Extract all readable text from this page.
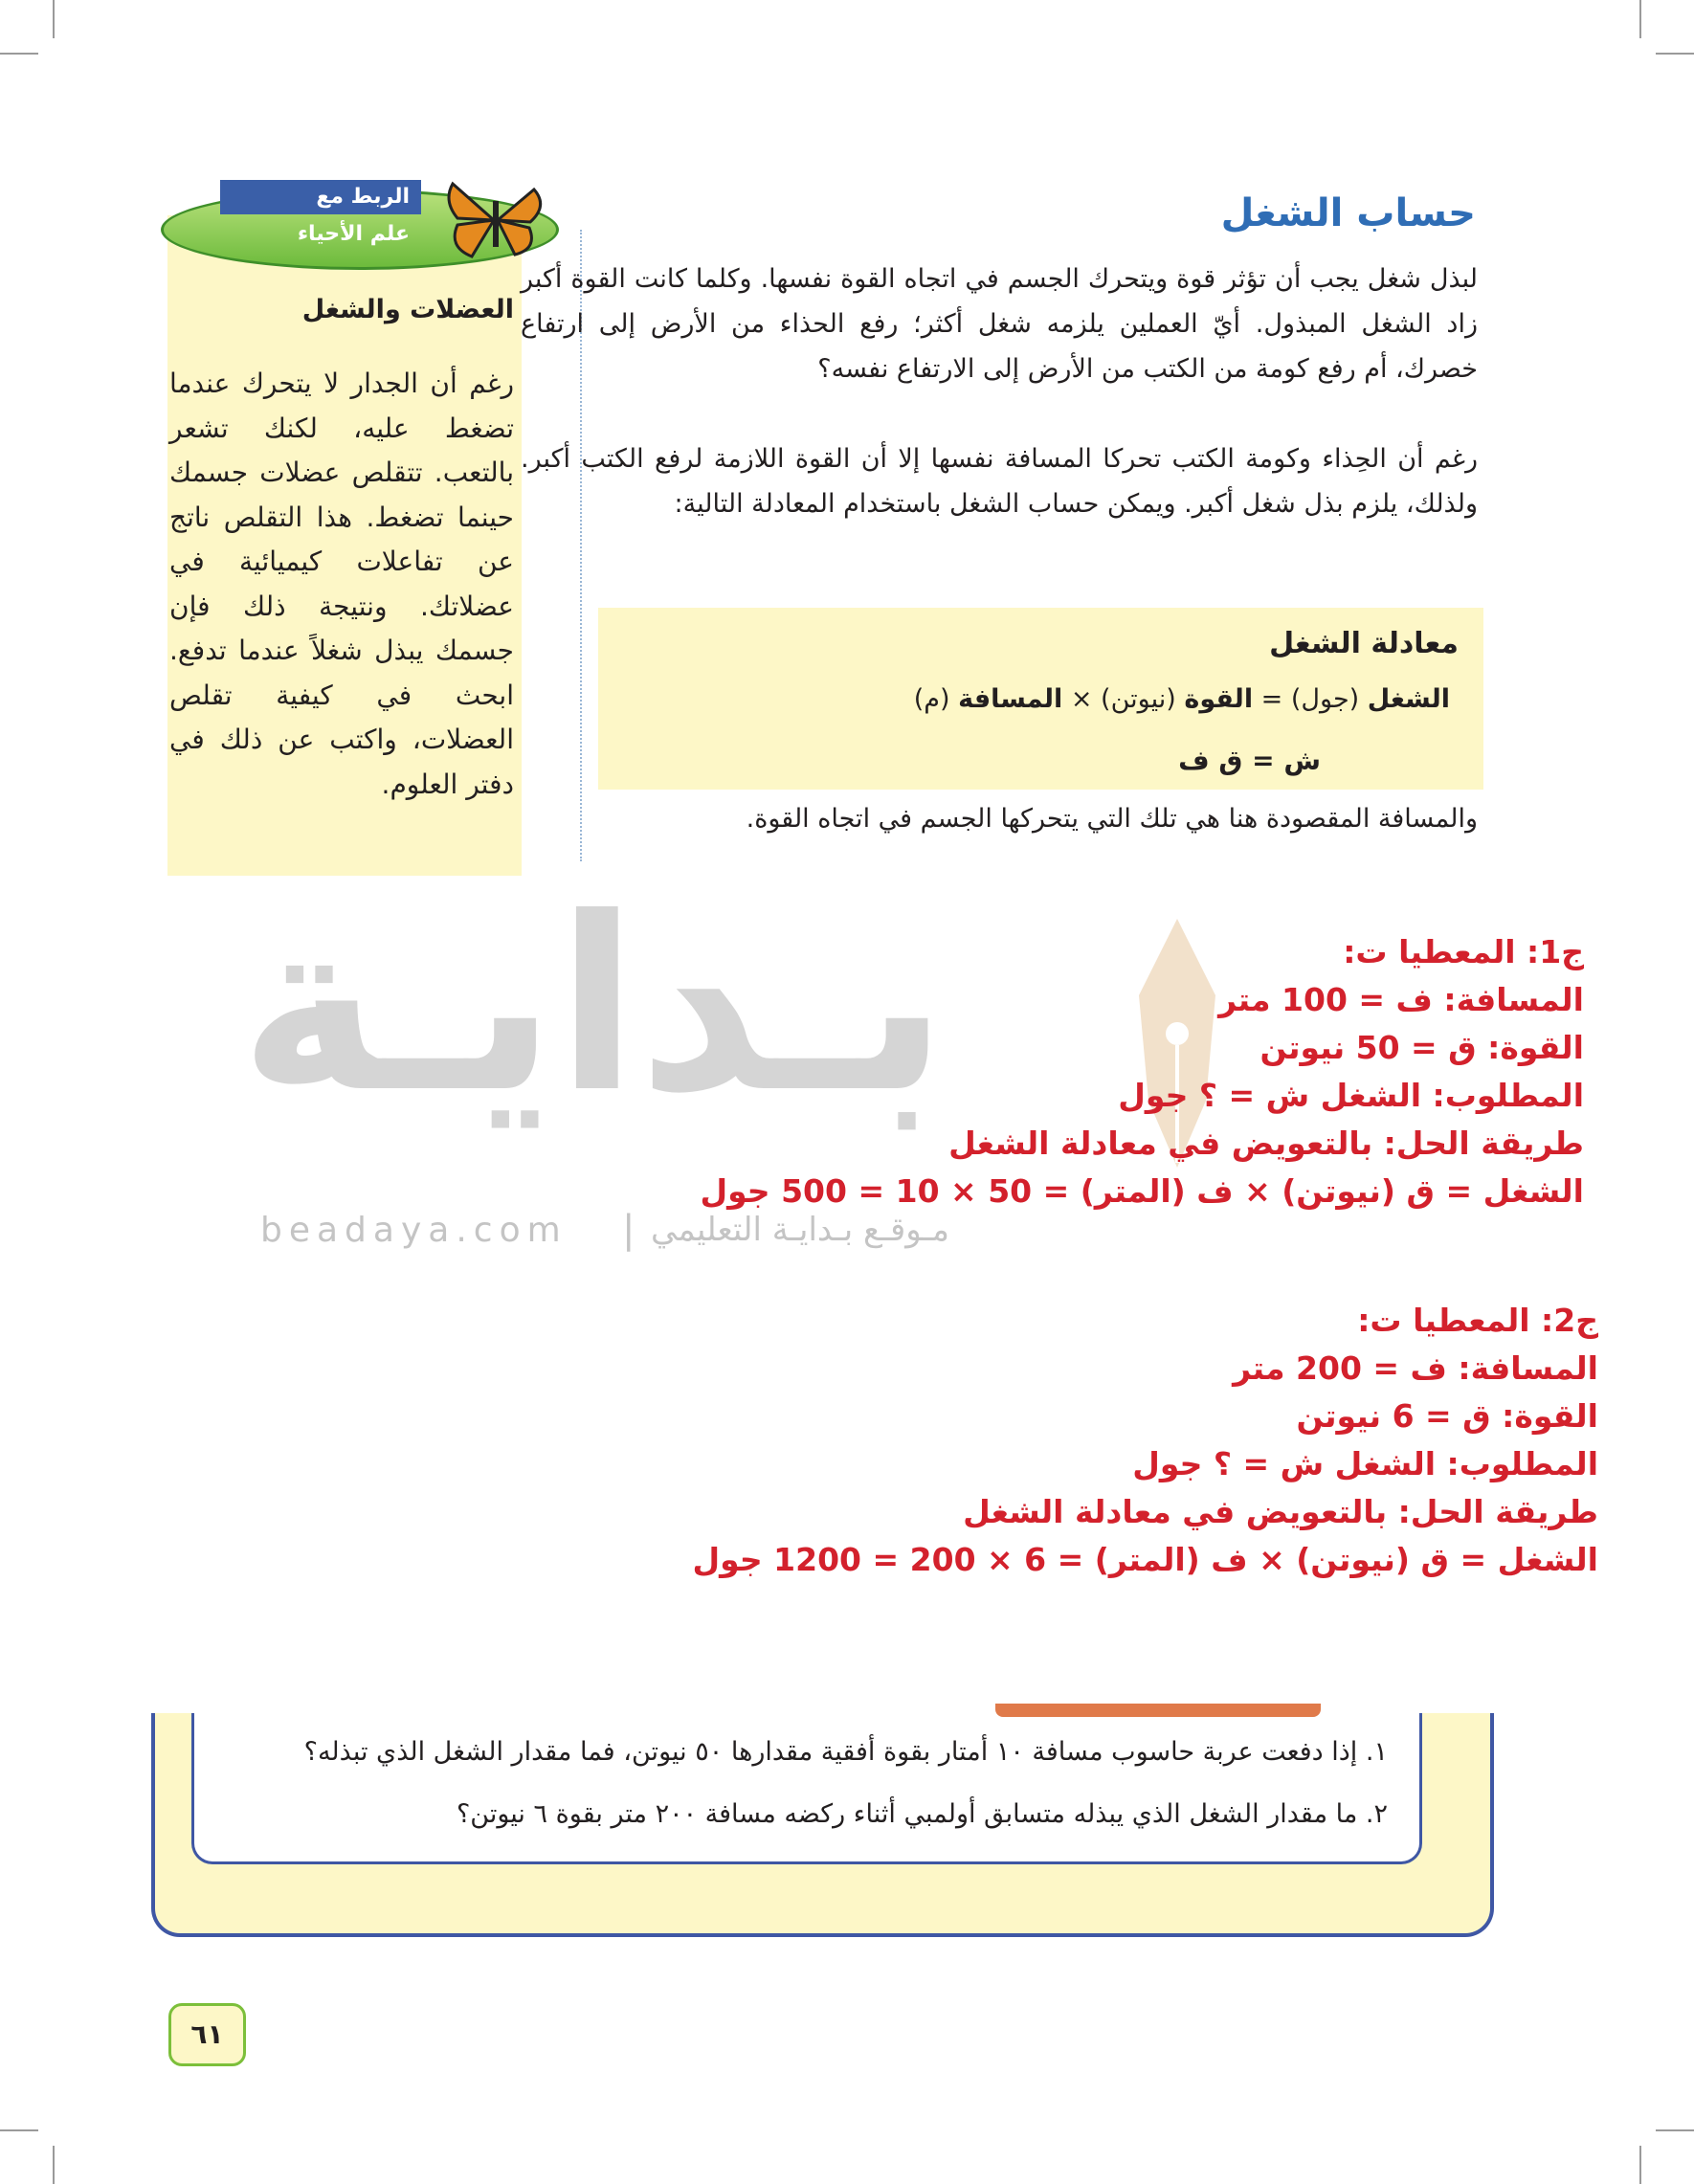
الربط مع
علم الأحياء
العضلات والشغل
رغم أن الجدار لا يتحرك عندما تضغط عليه، لكنك تشعر بالتعب. تتقلص عضلات جسمك حينما تضغط. هذا التقلص ناتج عن تفاعلات كيميائية في عضلاتك. ونتيجة ذلك فإن جسمك يبذل شغلاً عندما تدفع. ابحث في كيفية تقلص العضلات، واكتب عن ذلك في دفتر العلوم.
حساب الشغل
لبذل شغل يجب أن تؤثر قوة ويتحرك الجسم في اتجاه القوة نفسها. وكلما كانت القوة أكبر زاد الشغل المبذول. أيّ العملين يلزمه شغل أكثر؛ رفع الحذاء من الأرض إلى ارتفاع خصرك، أم رفع كومة من الكتب من الأرض إلى الارتفاع نفسه؟
رغم أن الحِذاء وكومة الكتب تحركا المسافة نفسها إلا أن القوة اللازمة لرفع الكتب أكبر. ولذلك، يلزم بذل شغل أكبر. ويمكن حساب الشغل باستخدام المعادلة التالية:
معادلة الشغل
الشغل (جول) = القوة (نيوتن) × المسافة (م)
ش = ق ف
والمسافة المقصودة هنا هي تلك التي يتحركها الجسم في اتجاه القوة.
بـدايـة
beadaya.com | مـوقـع بـدايـة التعليمي
ج1: المعطيا ت:
المسافة: ف = 100 متر
القوة: ق = 50 نيوتن
المطلوب: الشغل ش = ؟ جول
طريقة الحل: بالتعويض في معادلة الشغل
الشغل = ق (نيوتن) × ف (المتر) = 50 × 10 = 500 جول
ج2: المعطيا ت:
المسافة: ف = 200 متر
القوة: ق = 6 نيوتن
المطلوب: الشغل ش = ؟ جول
طريقة الحل: بالتعويض في معادلة الشغل
الشغل = ق (نيوتن) × ف (المتر) = 6 × 200 = 1200 جول
١. إذا دفعت عربة حاسوب مسافة ١٠ أمتار بقوة أفقية مقدارها ٥٠ نيوتن، فما مقدار الشغل الذي تبذله؟
٢. ما مقدار الشغل الذي يبذله متسابق أولمبي أثناء ركضه مسافة ٢٠٠ متر بقوة ٦ نيوتن؟
٦١
